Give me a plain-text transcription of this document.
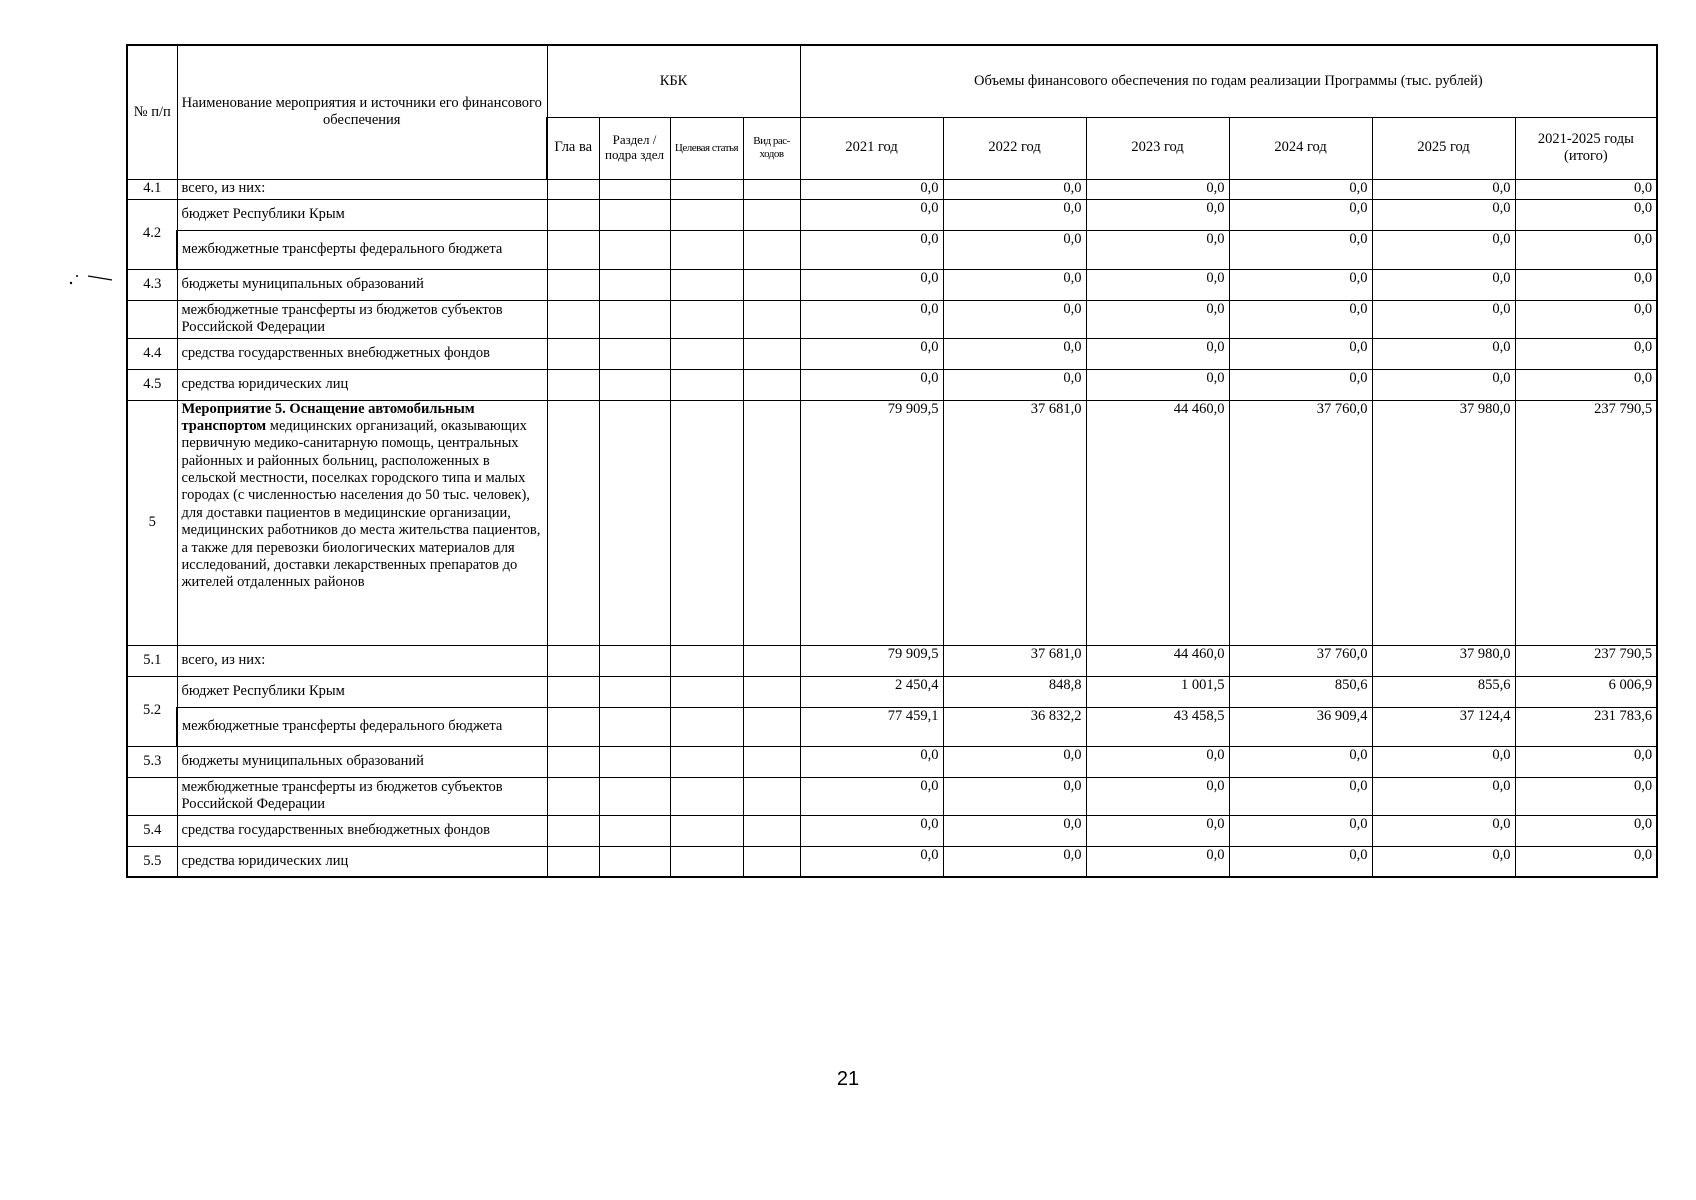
№ п/п	Наименование мероприятия и источники его финансового обеспечения	КБК				Объемы финансового обеспечения по годам реализации Программы (тыс. рублей)					
		Гла ва	Раздел /подра здел	Целевая статья	Вид рас- ходов	2021 год	2022 год	2023 год	2024 год	2025 год	2021-2025 годы (итого)
4.1	всего, из них:					0,0	0,0	0,0	0,0	0,0	0,0
4.2	бюджет Республики Крым					0,0	0,0	0,0	0,0	0,0	0,0
	межбюджетные трансферты федерального бюджета					0,0	0,0	0,0	0,0	0,0	0,0
4.3	бюджеты муниципальных образований					0,0	0,0	0,0	0,0	0,0	0,0
	межбюджетные трансферты из бюджетов субъектов Российской Федерации					0,0	0,0	0,0	0,0	0,0	0,0
4.4	средства государственных внебюджетных фондов					0,0	0,0	0,0	0,0	0,0	0,0
4.5	средства юридических лиц					0,0	0,0	0,0	0,0	0,0	0,0
5	Мероприятие 5. Оснащение автомобильным транспортом медицинских организаций, оказывающих первичную медико-санитарную помощь, центральных районных и районных больниц, расположенных в сельской местности, поселках городского типа и малых городах (с численностью населения до 50 тыс. человек), для доставки пациентов в медицинские организации, медицинских работников до места жительства пациентов, а также для перевозки биологических материалов для исследований, доставки лекарственных препаратов до жителей отдаленных районов					79 909,5	37 681,0	44 460,0	37 760,0	37 980,0	237 790,5
5.1	всего, из них:					79 909,5	37 681,0	44 460,0	37 760,0	37 980,0	237 790,5
5.2	бюджет Республики Крым					2 450,4	848,8	1 001,5	850,6	855,6	6 006,9
	межбюджетные трансферты федерального бюджета					77 459,1	36 832,2	43 458,5	36 909,4	37 124,4	231 783,6
5.3	бюджеты муниципальных образований					0,0	0,0	0,0	0,0	0,0	0,0
	межбюджетные трансферты из бюджетов субъектов Российской Федерации					0,0	0,0	0,0	0,0	0,0	0,0
5.4	средства государственных внебюджетных фондов					0,0	0,0	0,0	0,0	0,0	0,0
5.5	средства юридических лиц					0,0	0,0	0,0	0,0	0,0	0,0
21
